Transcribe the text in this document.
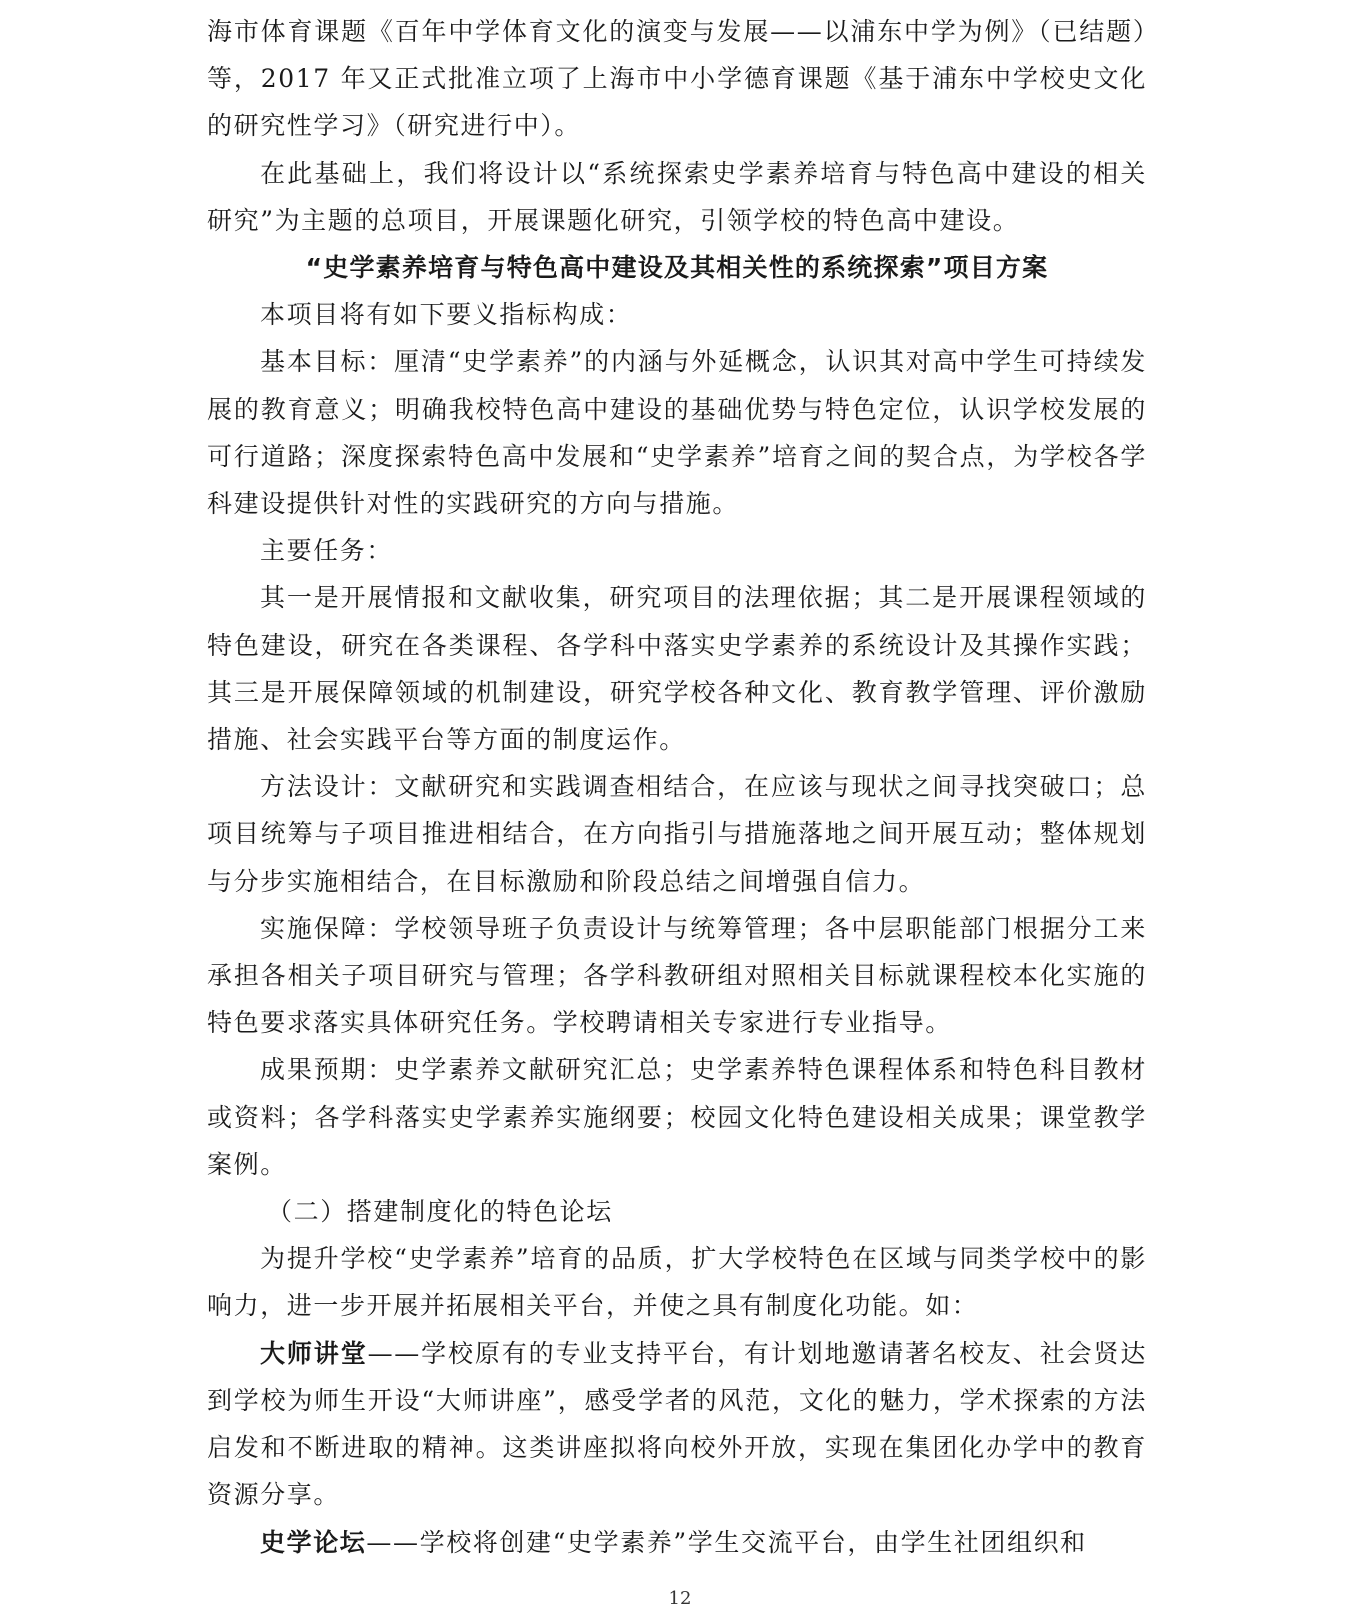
海市体育课题《百年中学体育文化的演变与发展——以浦东中学为例》（已结题）等，2017 年又正式批准立项了上海市中小学德育课题《基于浦东中学校史文化的研究性学习》（研究进行中）。

在此基础上，我们将设计以“系统探索史学素养培育与特色高中建设的相关研究”为主题的总项目，开展课题化研究，引领学校的特色高中建设。

“史学素养培育与特色高中建设及其相关性的系统探索”项目方案

本项目将有如下要义指标构成：

基本目标：厘清“史学素养”的内涵与外延概念，认识其对高中学生可持续发展的教育意义；明确我校特色高中建设的基础优势与特色定位，认识学校发展的可行道路；深度探索特色高中发展和“史学素养”培育之间的契合点，为学校各学科建设提供针对性的实践研究的方向与措施。

主要任务：

其一是开展情报和文献收集，研究项目的法理依据；其二是开展课程领域的特色建设，研究在各类课程、各学科中落实史学素养的系统设计及其操作实践；其三是开展保障领域的机制建设，研究学校各种文化、教育教学管理、评价激励措施、社会实践平台等方面的制度运作。

方法设计：文献研究和实践调查相结合，在应该与现状之间寻找突破口；总项目统筹与子项目推进相结合，在方向指引与措施落地之间开展互动；整体规划与分步实施相结合，在目标激励和阶段总结之间增强自信力。

实施保障：学校领导班子负责设计与统筹管理；各中层职能部门根据分工来承担各相关子项目研究与管理；各学科教研组对照相关目标就课程校本化实施的特色要求落实具体研究任务。学校聘请相关专家进行专业指导。

成果预期：史学素养文献研究汇总；史学素养特色课程体系和特色科目教材或资料；各学科落实史学素养实施纲要；校园文化特色建设相关成果；课堂教学案例。

（二）搭建制度化的特色论坛

为提升学校“史学素养”培育的品质，扩大学校特色在区域与同类学校中的影响力，进一步开展并拓展相关平台，并使之具有制度化功能。如：

大师讲堂——学校原有的专业支持平台，有计划地邀请著名校友、社会贤达到学校为师生开设“大师讲座”，感受学者的风范，文化的魅力，学术探索的方法启发和不断进取的精神。这类讲座拟将向校外开放，实现在集团化办学中的教育资源分享。

史学论坛——学校将创建“史学素养”学生交流平台，由学生社团组织和

12
